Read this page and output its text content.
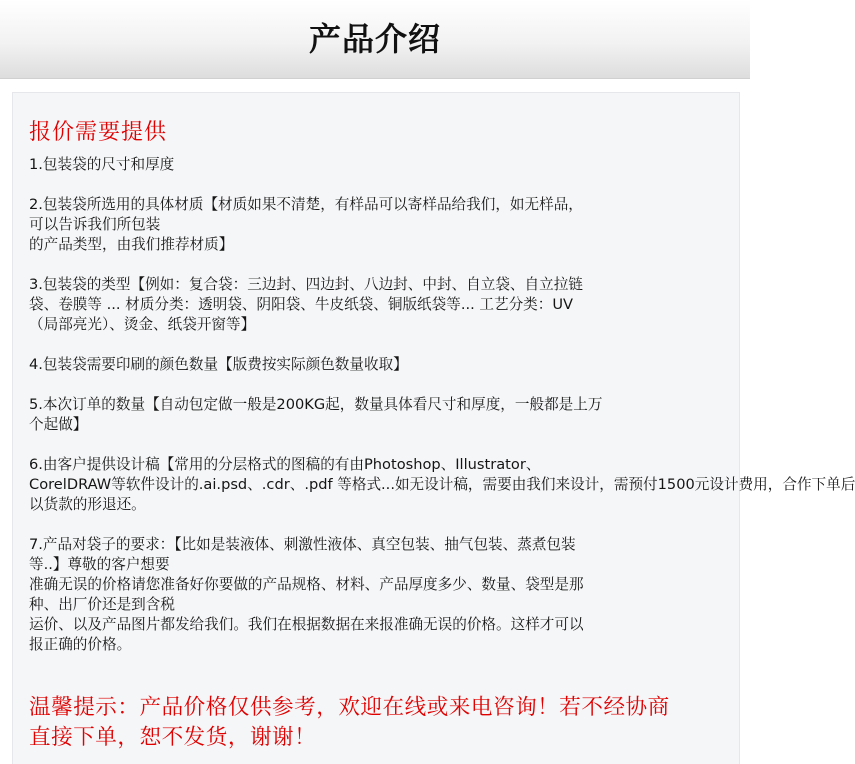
产品介绍
报价需要提供
1.包装袋的尺寸和厚度
2.包装袋所选用的具体材质【材质如果不清楚，有样品可以寄样品给我们，如无样品，
可以告诉我们所包装
的产品类型，由我们推荐材质】
3.包装袋的类型【例如：复合袋：三边封、四边封、八边封、中封、自立袋、自立拉链
袋、卷膜等 ... 材质分类：透明袋、阴阳袋、牛皮纸袋、铜版纸袋等... 工艺分类：UV
（局部亮光）、烫金、纸袋开窗等】
4.包装袋需要印刷的颜色数量【版费按实际颜色数量收取】
5.本次订单的数量【自动包定做一般是200KG起，数量具体看尺寸和厚度，一般都是上万
个起做】
6.由客户提供设计稿【常用的分层格式的图稿的有由Photoshop、Illustrator、
CorelDRAW等软件设计的.ai.psd、.cdr、.pdf 等格式...如无设计稿，需要由我们来设计，需预付1500元设计费用，合作下单后
以货款的形退还。
7.产品对袋子的要求：【比如是装液体、刺激性液体、真空包装、抽气包装、蒸煮包装
等..】尊敬的客户想要
准确无误的价格请您准备好你要做的产品规格、材料、产品厚度多少、数量、袋型是那
种、出厂价还是到含税
运价、以及产品图片都发给我们。我们在根据数据在来报准确无误的价格。这样才可以
报正确的价格。
温馨提示：产品价格仅供参考，欢迎在线或来电咨询！若不经协商
直接下单，恕不发货，谢谢！
